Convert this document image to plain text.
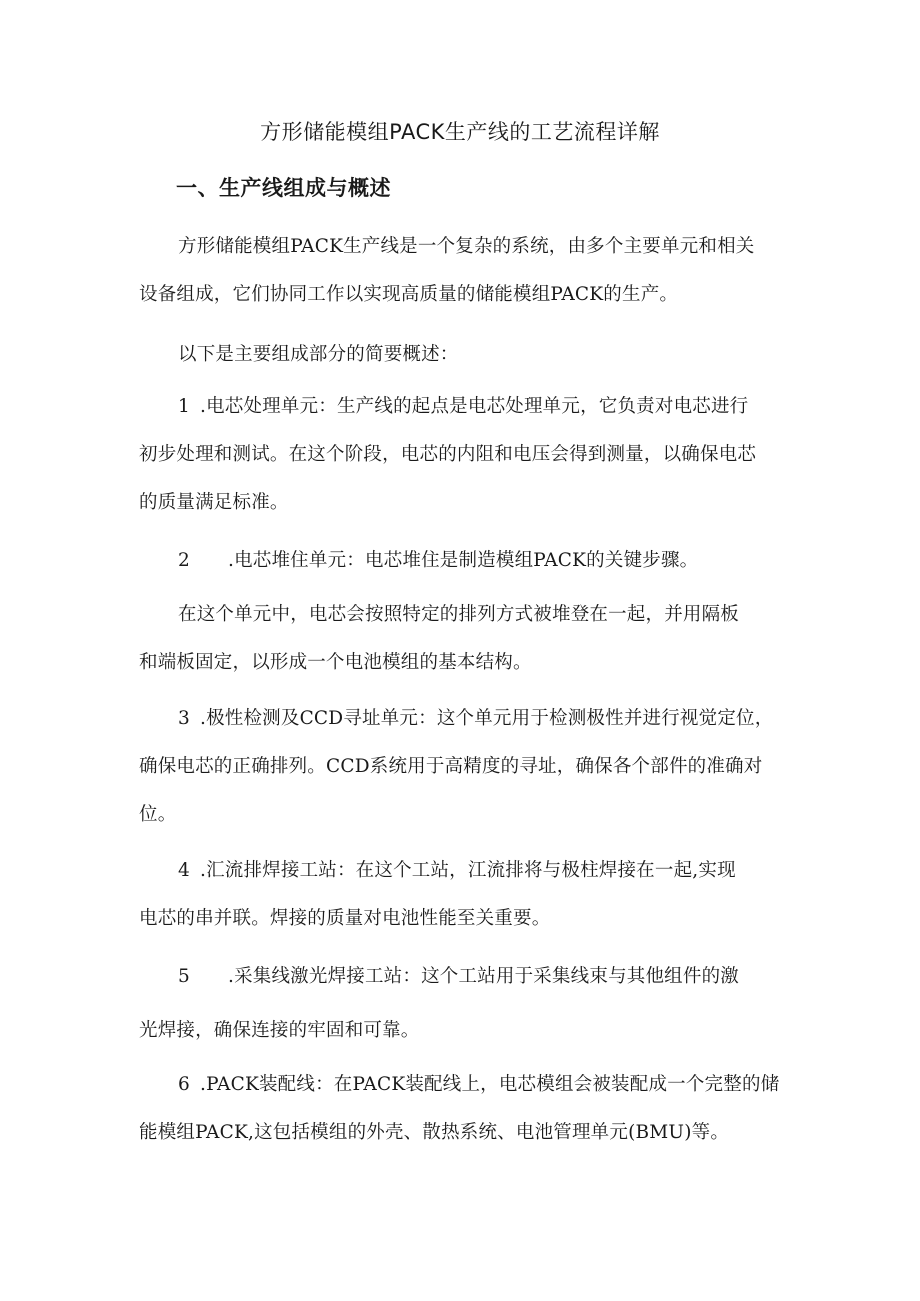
方形储能模组PACK生产线的工艺流程详解
一、生产线组成与概述
方形储能模组PACK生产线是一个复杂的系统，由多个主要单元和相关
设备组成，它们协同工作以实现高质量的储能模组PACK的生产。
以下是主要组成部分的简要概述：
1 .电芯处理单元：生产线的起点是电芯处理单元，它负责对电芯进行
初步处理和测试。在这个阶段，电芯的内阻和电压会得到测量，以确保电芯
的质量满足标准。
2 .电芯堆住单元：电芯堆住是制造模组PACK的关键步骤。
在这个单元中，电芯会按照特定的排列方式被堆登在一起，并用隔板
和端板固定，以形成一个电池模组的基本结构。
3 .极性检测及CCD寻址单元：这个单元用于检测极性并进行视觉定位，
确保电芯的正确排列。CCD系统用于高精度的寻址，确保各个部件的准确对
位。
4 .汇流排焊接工站：在这个工站，江流排将与极柱焊接在一起,实现
电芯的串并联。焊接的质量对电池性能至关重要。
5 .采集线激光焊接工站：这个工站用于采集线束与其他组件的激
光焊接，确保连接的牢固和可靠。
6 .PACK装配线：在PACK装配线上，电芯模组会被装配成一个完整的储
能模组PACK,这包括模组的外壳、散热系统、电池管理单元(BMU)等。
